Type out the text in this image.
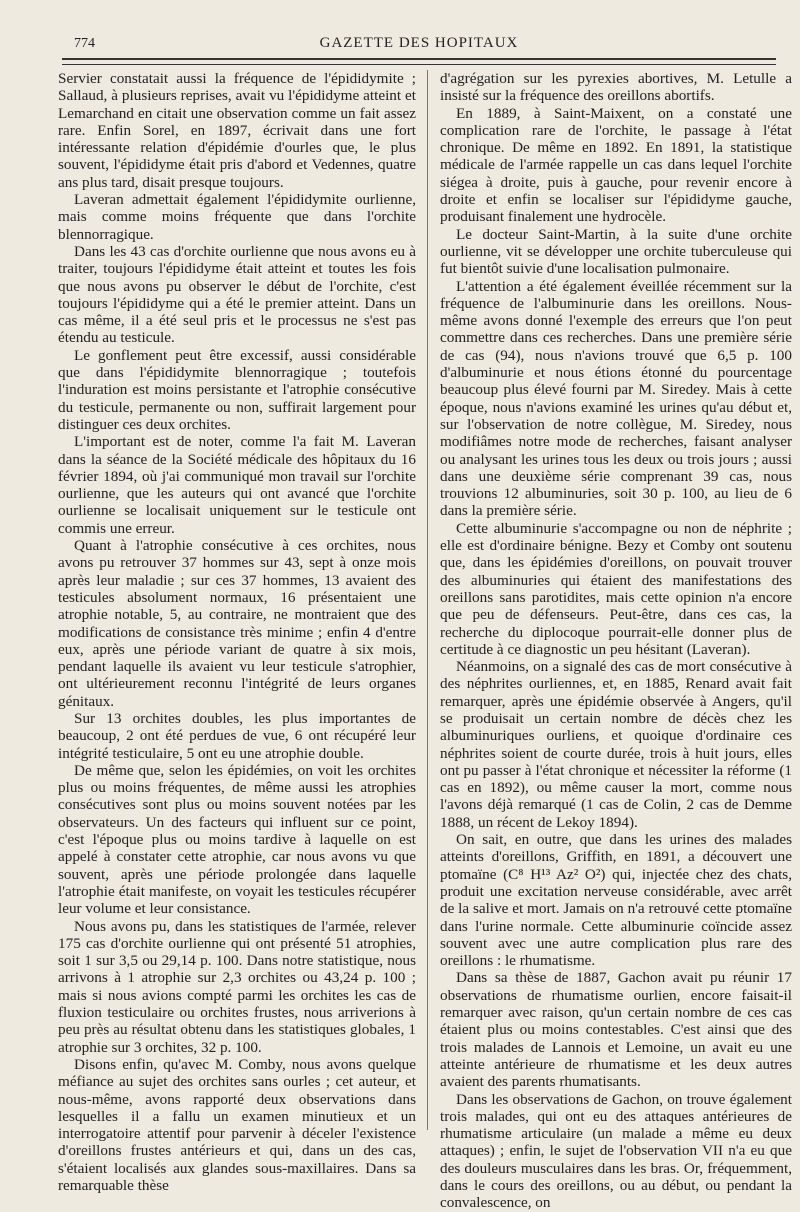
774	GAZETTE DES HOPITAUX

Servier constatait aussi la fréquence de l'épididymite ; Sallaud, à plusieurs reprises, avait vu l'épididyme atteint et Lemarchand en citait une observation comme un fait assez rare. Enfin Sorel, en 1897, écrivait dans une fort intéressante relation d'épidémie d'ourles que, le plus souvent, l'épididyme était pris d'abord et Vedennes, quatre ans plus tard, disait presque toujours.

Laveran admettait également l'épididymite ourlienne, mais comme moins fréquente que dans l'orchite blennorragique.

Dans les 43 cas d'orchite ourlienne que nous avons eu à traiter, toujours l'épididyme était atteint et toutes les fois que nous avons pu observer le début de l'orchite, c'est toujours l'épididyme qui a été le premier atteint. Dans un cas même, il a été seul pris et le processus ne s'est pas étendu au testicule.

Le gonflement peut être excessif, aussi considérable que dans l'épididymite blennorragique ; toutefois l'induration est moins persistante et l'atrophie consécutive du testicule, permanente ou non, suffirait largement pour distinguer ces deux orchites.

L'important est de noter, comme l'a fait M. Laveran dans la séance de la Société médicale des hôpitaux du 16 février 1894, où j'ai communiqué mon travail sur l'orchite ourlienne, que les auteurs qui ont avancé que l'orchite ourlienne se localisait uniquement sur le testicule ont commis une erreur.

Quant à l'atrophie consécutive à ces orchites, nous avons pu retrouver 37 hommes sur 43, sept à onze mois après leur maladie ; sur ces 37 hommes, 13 avaient des testicules absolument normaux, 16 présentaient une atrophie notable, 5, au contraire, ne montraient que des modifications de consistance très minime ; enfin 4 d'entre eux, après une période variant de quatre à six mois, pendant laquelle ils avaient vu leur testicule s'atrophier, ont ultérieurement reconnu l'intégrité de leurs organes génitaux.

Sur 13 orchites doubles, les plus importantes de beaucoup, 2 ont été perdues de vue, 6 ont récupéré leur intégrité testiculaire, 5 ont eu une atrophie double.

De même que, selon les épidémies, on voit les orchites plus ou moins fréquentes, de même aussi les atrophies consécutives sont plus ou moins souvent notées par les observateurs. Un des facteurs qui influent sur ce point, c'est l'époque plus ou moins tardive à laquelle on est appelé à constater cette atrophie, car nous avons vu que souvent, après une période prolongée dans laquelle l'atrophie était manifeste, on voyait les testicules récupérer leur volume et leur consistance.

Nous avons pu, dans les statistiques de l'armée, relever 175 cas d'orchite ourlienne qui ont présenté 51 atrophies, soit 1 sur 3,5 ou 29,14 p. 100. Dans notre statistique, nous arrivons à 1 atrophie sur 2,3 orchites ou 43,24 p. 100 ; mais si nous avions compté parmi les orchites les cas de fluxion testiculaire ou orchites frustes, nous arriverions à peu près au résultat obtenu dans les statistiques globales, 1 atrophie sur 3 orchites, 32 p. 100.

Disons enfin, qu'avec M. Comby, nous avons quelque méfiance au sujet des orchites sans ourles ; cet auteur, et nous-même, avons rapporté deux observations dans lesquelles il a fallu un examen minutieux et un interrogatoire attentif pour parvenir à déceler l'existence d'oreillons frustes antérieurs et qui, dans un des cas, s'étaient localisés aux glandes sous-maxillaires. Dans sa remarquable thèse

d'agrégation sur les pyrexies abortives, M. Letulle a insisté sur la fréquence des oreillons abortifs.

En 1889, à Saint-Maixent, on a constaté une complication rare de l'orchite, le passage à l'état chronique. De même en 1892. En 1891, la statistique médicale de l'armée rappelle un cas dans lequel l'orchite siégea à droite, puis à gauche, pour revenir encore à droite et enfin se localiser sur l'épididyme gauche, produisant finalement une hydrocèle.

Le docteur Saint-Martin, à la suite d'une orchite ourlienne, vit se développer une orchite tuberculeuse qui fut bientôt suivie d'une localisation pulmonaire.

L'attention a été également éveillée récemment sur la fréquence de l'albuminurie dans les oreillons. Nous-même avons donné l'exemple des erreurs que l'on peut commettre dans ces recherches. Dans une première série de cas (94), nous n'avions trouvé que 6,5 p. 100 d'albuminurie et nous étions étonné du pourcentage beaucoup plus élevé fourni par M. Siredey. Mais à cette époque, nous n'avions examiné les urines qu'au début et, sur l'observation de notre collègue, M. Siredey, nous modifiâmes notre mode de recherches, faisant analyser ou analysant les urines tous les deux ou trois jours ; aussi dans une deuxième série comprenant 39 cas, nous trouvions 12 albuminuries, soit 30 p. 100, au lieu de 6 dans la première série.

Cette albuminurie s'accompagne ou non de néphrite ; elle est d'ordinaire bénigne. Bezy et Comby ont soutenu que, dans les épidémies d'oreillons, on pouvait trouver des albuminuries qui étaient des manifestations des oreillons sans parotidites, mais cette opinion n'a encore que peu de défenseurs. Peut-être, dans ces cas, la recherche du diplocoque pourrait-elle donner plus de certitude à ce diagnostic un peu hésitant (Laveran).

Néanmoins, on a signalé des cas de mort consécutive à des néphrites ourliennes, et, en 1885, Renard avait fait remarquer, après une épidémie observée à Angers, qu'il se produisait un certain nombre de décès chez les albuminuriques ourliens, et quoique d'ordinaire ces néphrites soient de courte durée, trois à huit jours, elles ont pu passer à l'état chronique et nécessiter la réforme (1 cas en 1892), ou même causer la mort, comme nous l'avons déjà remarqué (1 cas de Colin, 2 cas de Demme 1888, un récent de Lekoy 1894).

On sait, en outre, que dans les urines des malades atteints d'oreillons, Griffith, en 1891, a découvert une ptomaïne (C⁸ H¹³ Az² O²) qui, injectée chez des chats, produit une excitation nerveuse considérable, avec arrêt de la salive et mort. Jamais on n'a retrouvé cette ptomaïne dans l'urine normale. Cette albuminurie coïncide assez souvent avec une autre complication plus rare des oreillons : le rhumatisme.

Dans sa thèse de 1887, Gachon avait pu réunir 17 observations de rhumatisme ourlien, encore faisait-il remarquer avec raison, qu'un certain nombre de ces cas étaient plus ou moins contestables. C'est ainsi que des trois malades de Lannois et Lemoine, un avait eu une atteinte antérieure de rhumatisme et les deux autres avaient des parents rhumatisants.

Dans les observations de Gachon, on trouve également trois malades, qui ont eu des attaques antérieures de rhumatisme articulaire (un malade a même eu deux attaques) ; enfin, le sujet de l'observation VII n'a eu que des douleurs musculaires dans les bras. Or, fréquemment, dans le cours des oreillons, ou au début, ou pendant la convalescence, on
